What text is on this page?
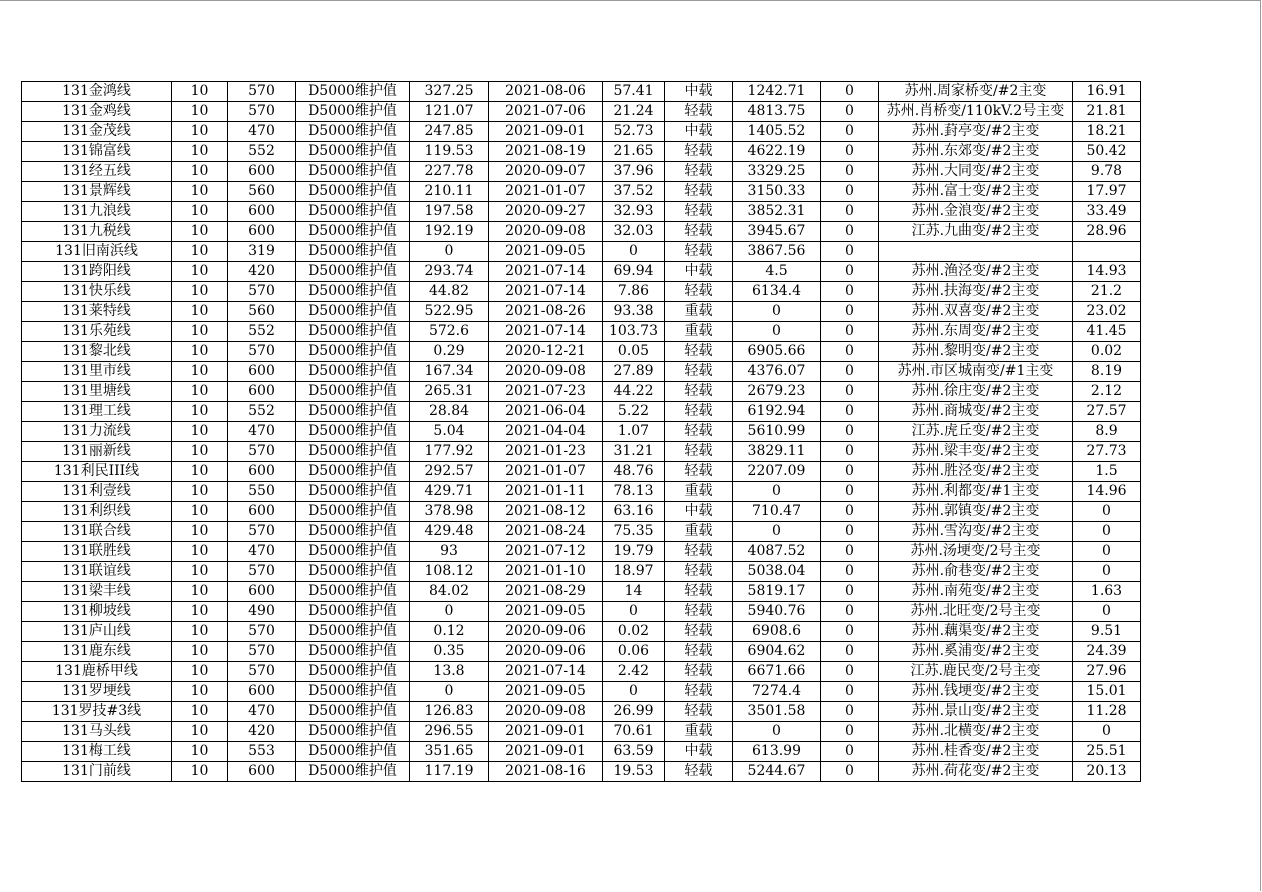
131金鸿线	10	570	D5000维护值	327.25	2021-08-06	57.41	中载	1242.71	0	苏州.周家桥变/#2主变	16.91
131金鸡线	10	570	D5000维护值	121.07	2021-07-06	21.24	轻载	4813.75	0	苏州.肖桥变/110kV.2号主变	21.81
131金茂线	10	470	D5000维护值	247.85	2021-09-01	52.73	中载	1405.52	0	苏州.葑亭变/#2主变	18.21
131锦富线	10	552	D5000维护值	119.53	2021-08-19	21.65	轻载	4622.19	0	苏州.东郊变/#2主变	50.42
131经五线	10	600	D5000维护值	227.78	2020-09-07	37.96	轻载	3329.25	0	苏州.大同变/#2主变	9.78
131景辉线	10	560	D5000维护值	210.11	2021-01-07	37.52	轻载	3150.33	0	苏州.富士变/#2主变	17.97
131九浪线	10	600	D5000维护值	197.58	2020-09-27	32.93	轻载	3852.31	0	苏州.金浪变/#2主变	33.49
131九税线	10	600	D5000维护值	192.19	2020-09-08	32.03	轻载	3945.67	0	江苏.九曲变/#2主变	28.96
131旧南浜线	10	319	D5000维护值	0	2021-09-05	0	轻载	3867.56	0		
131跨阳线	10	420	D5000维护值	293.74	2021-07-14	69.94	中载	4.5	0	苏州.渔泾变/#2主变	14.93
131快乐线	10	570	D5000维护值	44.82	2021-07-14	7.86	轻载	6134.4	0	苏州.扶海变/#2主变	21.2
131莱特线	10	560	D5000维护值	522.95	2021-08-26	93.38	重载	0	0	苏州.双喜变/#2主变	23.02
131乐苑线	10	552	D5000维护值	572.6	2021-07-14	103.73	重载	0	0	苏州.东周变/#2主变	41.45
131黎北线	10	570	D5000维护值	0.29	2020-12-21	0.05	轻载	6905.66	0	苏州.黎明变/#2主变	0.02
131里市线	10	600	D5000维护值	167.34	2020-09-08	27.89	轻载	4376.07	0	苏州.市区城南变/#1主变	8.19
131里塘线	10	600	D5000维护值	265.31	2021-07-23	44.22	轻载	2679.23	0	苏州.徐庄变/#2主变	2.12
131理工线	10	552	D5000维护值	28.84	2021-06-04	5.22	轻载	6192.94	0	苏州.商城变/#2主变	27.57
131力流线	10	470	D5000维护值	5.04	2021-04-04	1.07	轻载	5610.99	0	江苏.虎丘变/#2主变	8.9
131丽新线	10	570	D5000维护值	177.92	2021-01-23	31.21	轻载	3829.11	0	苏州.梁丰变/#2主变	27.73
131利民III线	10	600	D5000维护值	292.57	2021-01-07	48.76	轻载	2207.09	0	苏州.胜泾变/#2主变	1.5
131利壹线	10	550	D5000维护值	429.71	2021-01-11	78.13	重载	0	0	苏州.利都变/#1主变	14.96
131利织线	10	600	D5000维护值	378.98	2021-08-12	63.16	中载	710.47	0	苏州.郭镇变/#2主变	0
131联合线	10	570	D5000维护值	429.48	2021-08-24	75.35	重载	0	0	苏州.雪沟变/#2主变	0
131联胜线	10	470	D5000维护值	93	2021-07-12	19.79	轻载	4087.52	0	苏州.汤埂变/2号主变	0
131联谊线	10	570	D5000维护值	108.12	2021-01-10	18.97	轻载	5038.04	0	苏州.俞巷变/#2主变	0
131梁丰线	10	600	D5000维护值	84.02	2021-08-29	14	轻载	5819.17	0	苏州.南苑变/#2主变	1.63
131柳坡线	10	490	D5000维护值	0	2021-09-05	0	轻载	5940.76	0	苏州.北旺变/2号主变	0
131庐山线	10	570	D5000维护值	0.12	2020-09-06	0.02	轻载	6908.6	0	苏州.藕渠变/#2主变	9.51
131鹿东线	10	570	D5000维护值	0.35	2020-09-06	0.06	轻载	6904.62	0	苏州.奚浦变/#2主变	24.39
131鹿桥甲线	10	570	D5000维护值	13.8	2021-07-14	2.42	轻载	6671.66	0	江苏.鹿民变/2号主变	27.96
131罗埂线	10	600	D5000维护值	0	2021-09-05	0	轻载	7274.4	0	苏州.钱埂变/#2主变	15.01
131罗技#3线	10	470	D5000维护值	126.83	2020-09-08	26.99	轻载	3501.58	0	苏州.景山变/#2主变	11.28
131马头线	10	420	D5000维护值	296.55	2021-09-01	70.61	重载	0	0	苏州.北横变/#2主变	0
131梅工线	10	553	D5000维护值	351.65	2021-09-01	63.59	中载	613.99	0	苏州.桂香变/#2主变	25.51
131门前线	10	600	D5000维护值	117.19	2021-08-16	19.53	轻载	5244.67	0	苏州.荷花变/#2主变	20.13
